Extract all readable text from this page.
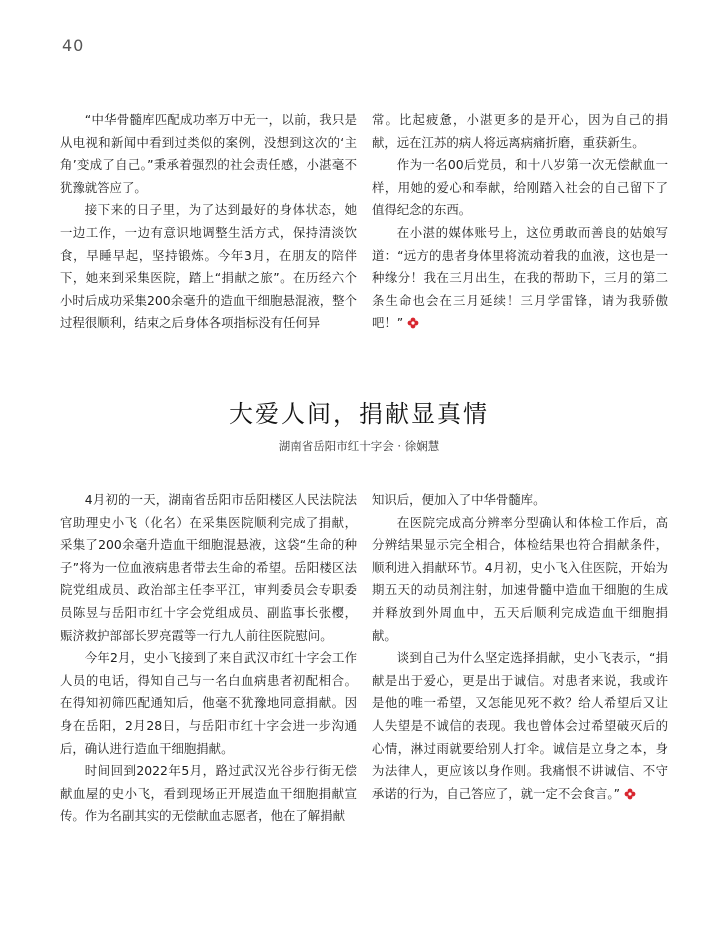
40

“中华骨髓库匹配成功率万中无一，以前，我只是从电视和新闻中看到过类似的案例，没想到这次的‘主角’变成了自己。”秉承着强烈的社会责任感，小湛毫不犹豫就答应了。

接下来的日子里，为了达到最好的身体状态，她一边工作，一边有意识地调整生活方式，保持清淡饮食，早睡早起，坚持锻炼。今年3月，在朋友的陪伴下，她来到采集医院，踏上“捐献之旅”。在历经六个小时后成功采集200余毫升的造血干细胞悬混液，整个过程很顺利，结束之后身体各项指标没有任何异

常。比起疲惫，小湛更多的是开心，因为自己的捐献，远在江苏的病人将远离病痛折磨，重获新生。

作为一名00后党员，和十八岁第一次无偿献血一样，用她的爱心和奉献，给刚踏入社会的自己留下了值得纪念的东西。

在小湛的媒体账号上，这位勇敢而善良的姑娘写道：“远方的患者身体里将流动着我的血液，这也是一种缘分！我在三月出生，在我的帮助下，三月的第二条生命也会在三月延续！三月学雷锋，请为我骄傲吧！”

大爱人间，捐献显真情
湖南省岳阳市红十字会 · 徐娴慧

4月初的一天，湖南省岳阳市岳阳楼区人民法院法官助理史小飞（化名）在采集医院顺利完成了捐献，采集了200余毫升造血干细胞混悬液，这袋“生命的种子”将为一位血液病患者带去生命的希望。岳阳楼区法院党组成员、政治部主任李平江，审判委员会专职委员陈昱与岳阳市红十字会党组成员、副监事长张樱，赈济救护部部长罗亮霞等一行九人前往医院慰问。

今年2月，史小飞接到了来自武汉市红十字会工作人员的电话，得知自己与一名白血病患者初配相合。在得知初筛匹配通知后，他毫不犹豫地同意捐献。因身在岳阳，2月28日，与岳阳市红十字会进一步沟通后，确认进行造血干细胞捐献。

时间回到2022年5月，路过武汉光谷步行街无偿献血屋的史小飞，看到现场正开展造血干细胞捐献宣传。作为名副其实的无偿献血志愿者，他在了解捐献

知识后，便加入了中华骨髓库。

在医院完成高分辨率分型确认和体检工作后，高分辨结果显示完全相合，体检结果也符合捐献条件，顺利进入捐献环节。4月初，史小飞入住医院，开始为期五天的动员剂注射，加速骨髓中造血干细胞的生成并释放到外周血中，五天后顺利完成造血干细胞捐献。

谈到自己为什么坚定选择捐献，史小飞表示，“捐献是出于爱心，更是出于诚信。对患者来说，我或许是他的唯一希望，又怎能见死不救？给人希望后又让人失望是不诚信的表现。我也曾体会过希望破灭后的心情，淋过雨就要给别人打伞。诚信是立身之本，身为法律人，更应该以身作则。我痛恨不讲诚信、不守承诺的行为，自己答应了，就一定不会食言。”
